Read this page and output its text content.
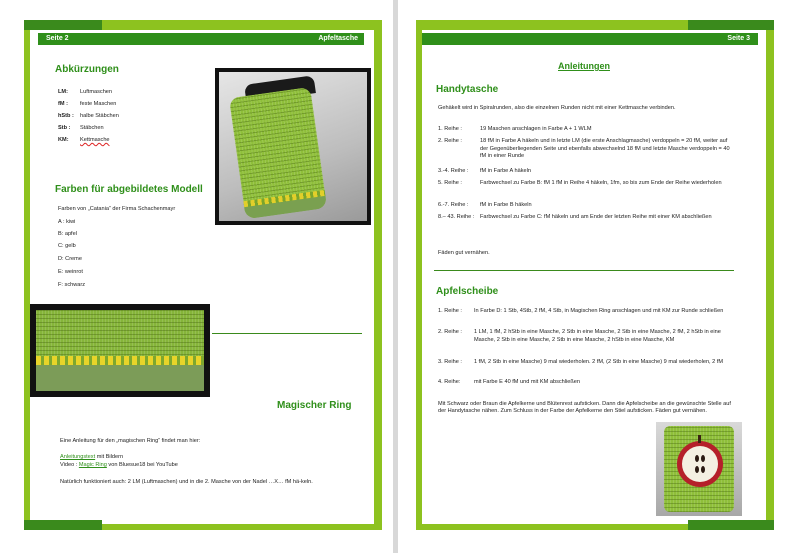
Seite 2	Apfeltasche
Abkürzungen
LM: Luftmaschen
fM : feste Maschen
hStb : halbe Stäbchen
Stb : Stäbchen
KM: Kettmasche
Farben für abgebildetes Modell
Farben von „Catania“ der Firma Schachenmayr
A : kiwi
B: apfel
C: gelb
D: Creme
E: weinrot
F: schwarz
Magischer Ring
Eine Anleitung für den „magischen Ring“ findet man hier:
Anleitungstext mit Bildern
Video : Magic Ring von Bluesue18 bei YouTube
Natürlich funktioniert auch: 2 LM (Luftmaschen) und in die 2. Masche von der Nadel …X… fM hä-keln.
Seite 3
Anleitungen
Handytasche
Gehäkelt wird in Spiralrunden, also die einzelnen Runden nicht mit einer Kettmasche verbinden.
1. Reihe :	19 Maschen anschlagen in Farbe A + 1 WLM
2. Reihe :	18 fM in Farbe A häkeln und in letzte LM (die erste Anschlagmasche) verdoppeln = 20 fM, weiter auf der Gegenüberliegenden Seite und ebenfalls abwechselnd 18 fM und letzte Masche verdoppeln = 40 fM in einer Runde
3.-4. Reihe : fM in Farbe A häkeln
5. Reihe :	Farbwechsel zu Farbe B: fM 1 fM in Reihe 4 häkeln, 1fm, so bis zum Ende der Reihe wiederholen
6.-7. Reihe : fM in Farbe B häkeln
8.– 43. Reihe : Farbwechsel zu Farbe C: fM häkeln und am Ende der letzten Reihe mit einer KM abschließen
Fäden gut vernähen.
Apfelscheibe
1. Reihe : In Farbe D: 1 Stb, 4Stb, 2 fM, 4 Stb, in Magischen Ring anschlagen und mit KM zur Runde schließen
2. Reihe : 1 LM, 1 fM, 2 hStb in eine Masche, 2 Stb in eine Masche, 2 Stb in eine Masche, 2 fM, 2 hStb in eine Masche, 2 Stb in eine Masche, 2 Stb in eine Masche, 2 hStb in eine Masche, KM
3. Reihe : 1 fM, 2 Stb in eine Masche) 9 mal wiederholen. 2 fM, (2 Stb in eine Masche) 9 mal wiederholen, 2 fM
4. Reihe: mit Farbe E 40 fM und mit KM abschließen
Mit Schwarz oder Braun die Apfelkerne und Blütenrest aufsticken. Dann die Apfelscheibe an die gewünschte Stelle auf der Handytasche nähen. Zum Schluss in der Farbe der Apfelkerne den Stiel aufsticken. Fäden gut vernähen.
